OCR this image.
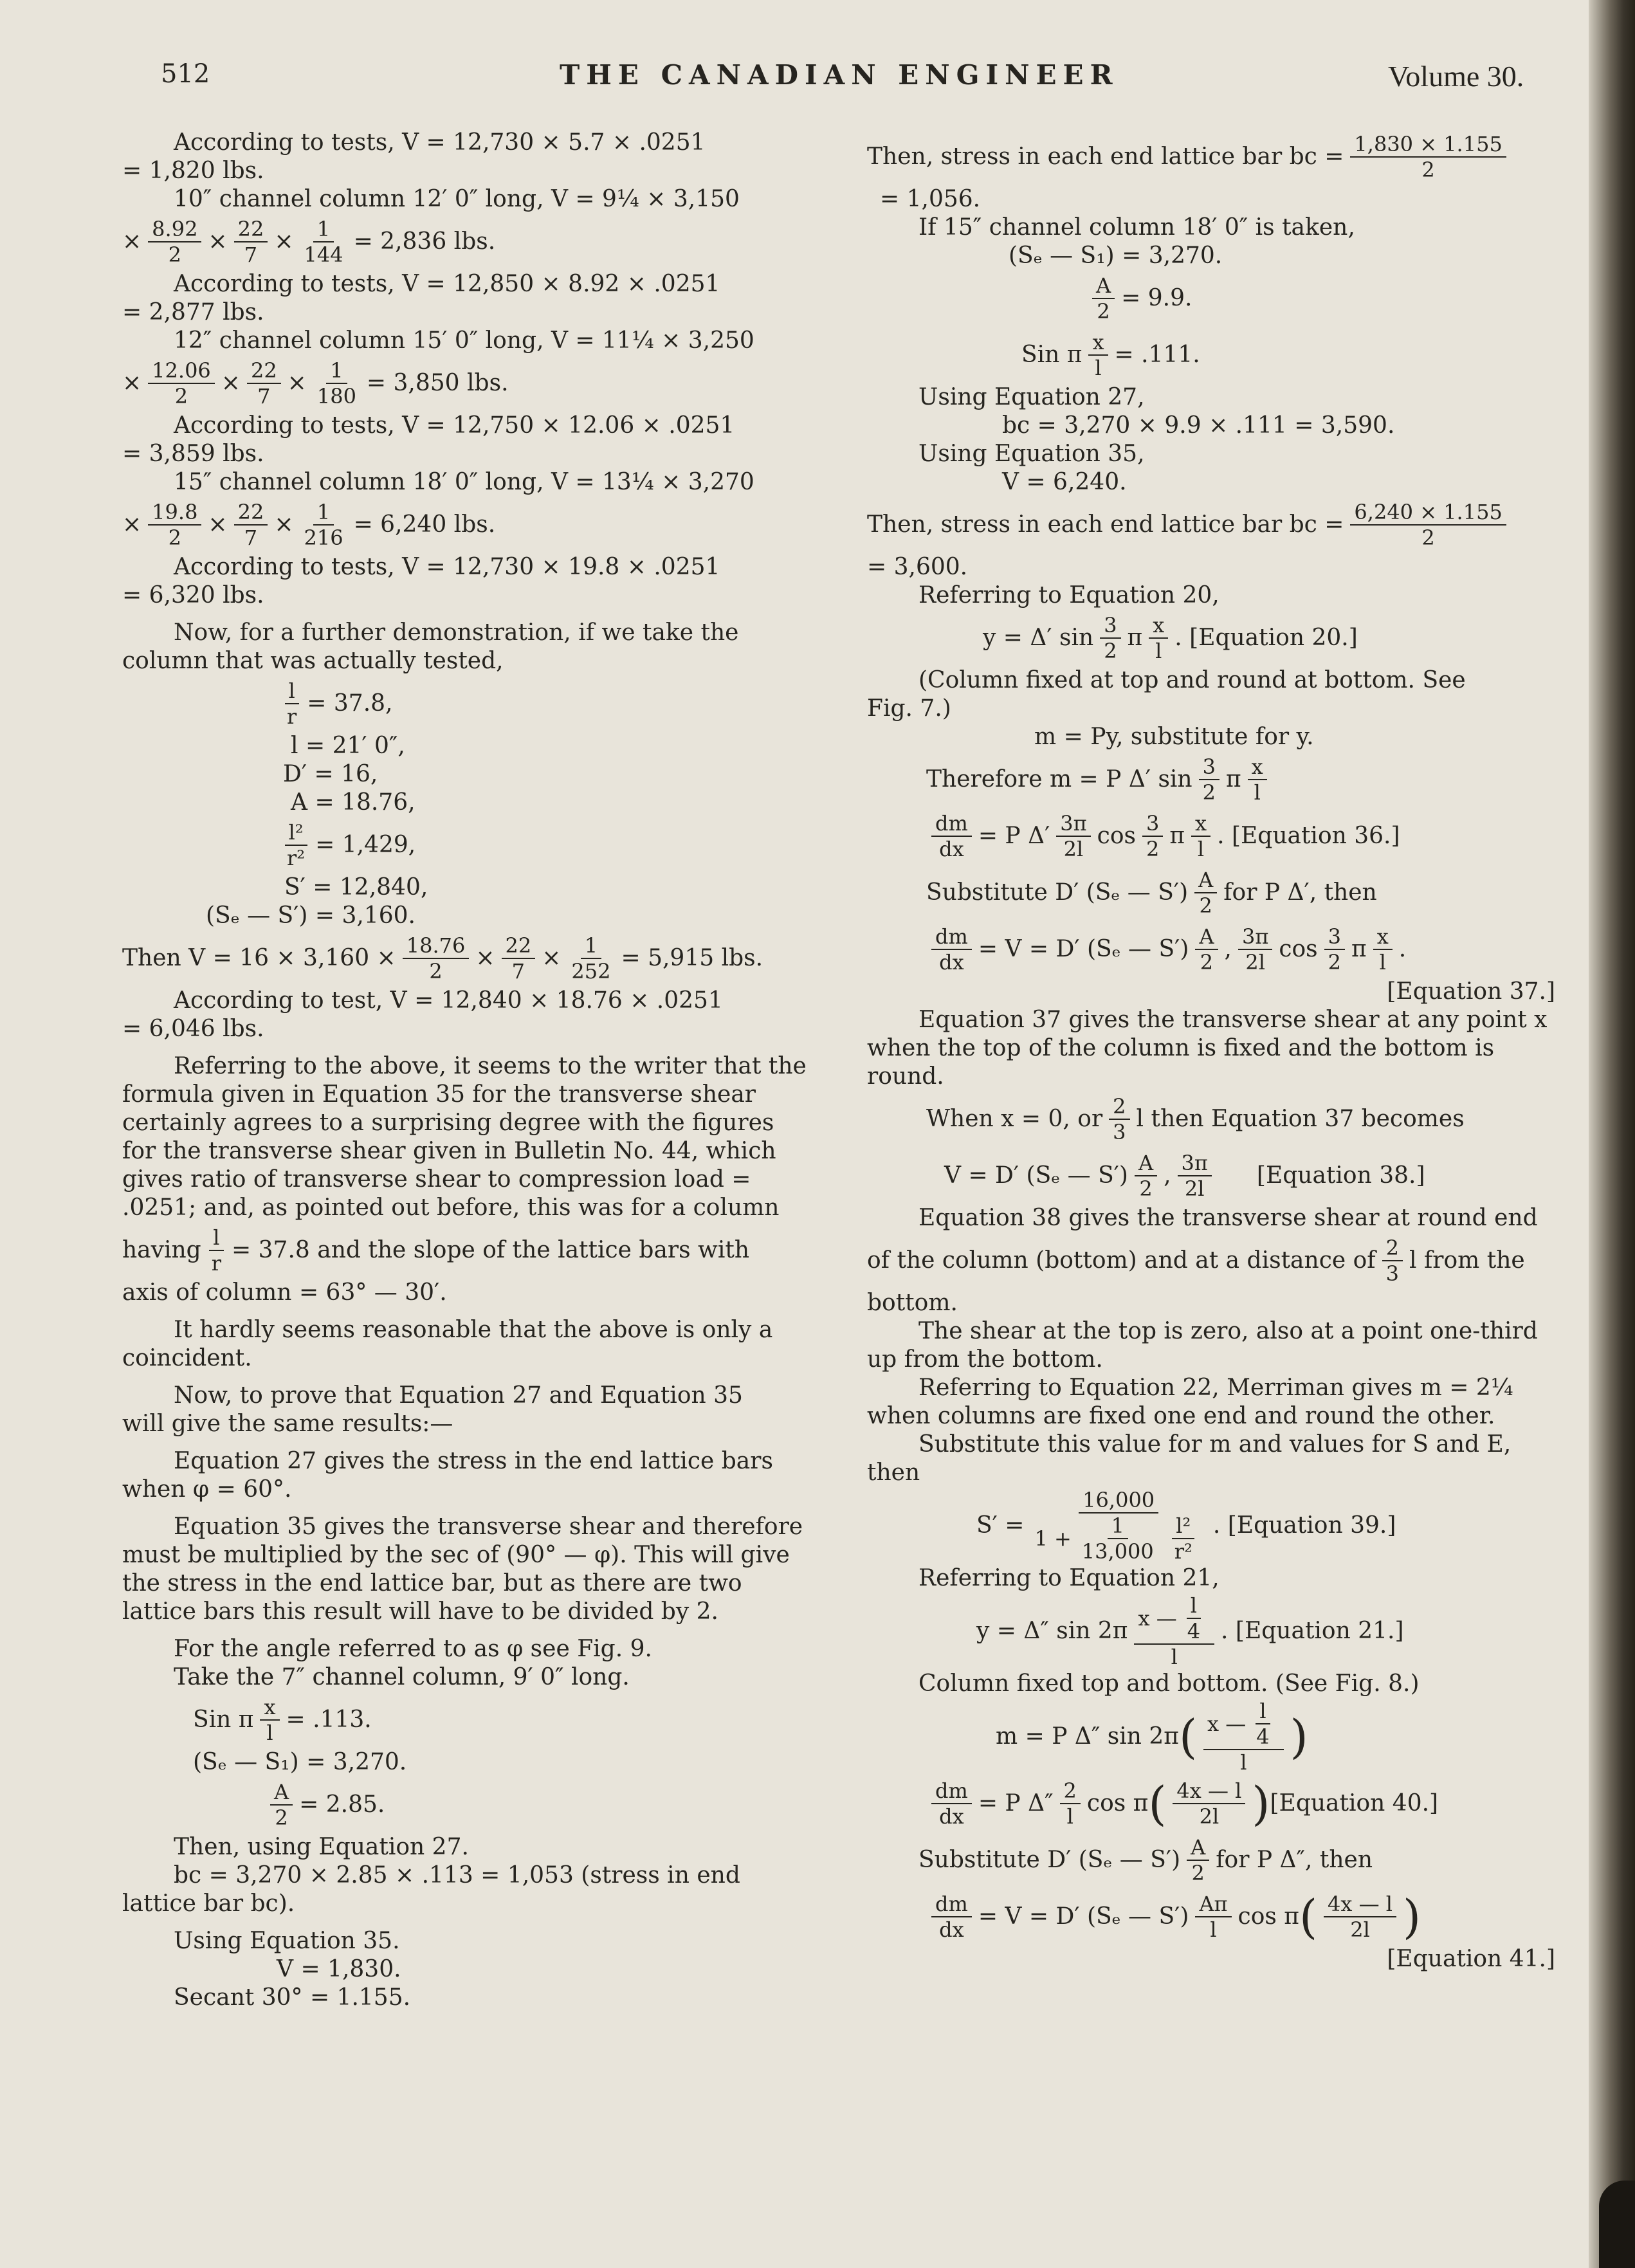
512	THE CANADIAN ENGINEER	Volume 30.
According to tests, V = 12,730 × 5.7 × .0251
= 1,820 lbs.
10″ channel column 12′ 0″ long, V = 9¼ × 3,150
× $\frac{8.92}{2} \times \frac{22}{7} \times \frac{1}{144} = 2,836$ lbs.
According to tests, V = 12,850 × 8.92 × .0251
= 2,877 lbs.
12″ channel column 15′ 0″ long, V = 11¼ × 3,250
× $\frac{12.06}{2} \times \frac{22}{7} \times \frac{1}{180} = 3,850$ lbs.
According to tests, V = 12,750 × 12.06 × .0251
= 3,859 lbs.
15″ channel column 18′ 0″ long, V = 13¼ × 3,270
× $\frac{19.8}{2} \times \frac{22}{7} \times \frac{1}{216} = 6,240$ lbs.
According to tests, V = 12,730 × 19.8 × .0251
= 6,320 lbs.
Now, for a further demonstration, if we take the
column that was actually tested,
$\frac{l}{r} = 37.8$,
l = 21′ 0″,
D′ = 16,
A = 18.76,
$\frac{\text{l²}}{\text{r²}} = 1,429$,
S′ = 12,840,
(Sₑ — S′) = 3,160.
Then $V = 16 \times 3,160 \times \frac{18.76}{2} \times \frac{22}{7} \times \frac{1}{252} = 5,915$ lbs.
According to test, V = 12,840 × 18.76 × .0251
= 6,046 lbs.
Referring to the above, it seems to the writer that the
formula given in Equation 35 for the transverse shear
certainly agrees to a surprising degree with the figures
for the transverse shear given in Bulletin No. 44, which
gives ratio of transverse shear to compression load =
.0251; and, as pointed out before, this was for a column
having $\frac{l}{r} = 37.8$ and the slope of the lattice bars with
axis of column = 63° — 30′.
It hardly seems reasonable that the above is only a
coincident.
Now, to prove that Equation 27 and Equation 35
will give the same results:—
Equation 27 gives the stress in the end lattice bars
when φ = 60°.
Equation 35 gives the transverse shear and therefore
must be multiplied by the sec of (90° — φ). This will give
the stress in the end lattice bar, but as there are two
lattice bars this result will have to be divided by 2.
For the angle referred to as φ see Fig. 9.
Take the 7″ channel column, 9′ 0″ long.
Sin π $\frac{x}{l} = .113$.
(Sₑ — S₁) = 3,270.
$\frac{A}{2} = 2.85$.
Then, using Equation 27.
bc = 3,270 × 2.85 × .113 = 1,053 (stress in end
lattice bar bc).
Using Equation 35.
V = 1,830.
Secant 30° = 1.155.
Then, stress in each end lattice bar bc = $\frac{1,830 \times 1.155}{2}$
= 1,056.
If 15″ channel column 18′ 0″ is taken,
(Sₑ — S₁) = 3,270.
$\frac{A}{2} = 9.9$.
Sin π $\frac{x}{l} = .111$.
Using Equation 27,
bc = 3,270 × 9.9 × .111 = 3,590.
Using Equation 35,
V = 6,240.
Then, stress in each end lattice bar bc = $\frac{6,240 \times 1.155}{2}$
= 3,600.
Referring to Equation 20,
y = Δ′ $\sin \frac{3}{2}$ π $\frac{x}{l}$ . [Equation 20.]
(Column fixed at top and round at bottom. See
Fig. 7.)
m = Py, substitute for y.
Therefore m = P Δ′ $\sin \frac{3}{2}$ π $\frac{x}{l}$
$\frac{dm}{dx} = P$ $\Delta' \frac{3\pi}{2l}$ $\cos \frac{3}{2}$ π $\frac{x}{l}$ . [Equation 36.]
Substitute D′ (Sₑ — $S') \frac{A}{2}$ for P Δ′, then
$\frac{dm}{dx} = V = D'$ (Sₑ — $S') \frac{A}{2}$ , $\frac{3\pi}{2l}$ $\cos \frac{3}{2}$ π $\frac{x}{l}$ .
[Equation 37.]
Equation 37 gives the transverse shear at any point x
when the top of the column is fixed and the bottom is
round.
When x = 0, or $\frac{2}{3}$ l then Equation 37 becomes
V = D′ (Sₑ — $S') \frac{A}{2}$ , $\frac{3\pi}{2l}$ [Equation 38.]
Equation 38 gives the transverse shear at round end
of the column (bottom) and at a distance of $\frac{2}{3}$ l from the
bottom.
The shear at the top is zero, also at a point one-third
up from the bottom.
Referring to Equation 22, Merriman gives m = 2¼
when columns are fixed one end and round the other.
Substitute this value for m and values for S and E,
then
$S' = \frac{16,000}{1 + \frac{1}{13,000} \frac{\text{l²}}{\text{r²}}}$ . [Equation 39.]
Referring to Equation 21,
y = Δ″ $\sin 2\pi \frac{x — \frac{l}{4}}{l}$ . [Equation 21.]
Column fixed top and bottom. (See Fig. 8.)
m = P Δ″ sin 2π ( $\frac{x — \frac{l}{4}}{l}$ )
$\frac{dm}{dx} = P$ $\Delta'' \frac{2}{l}$ cos π ( $\frac{4x — l}{2l}$ ) [Equation 40.]
Substitute D′ (Sₑ — $S') \frac{A}{2}$ for P Δ″, then
$\frac{dm}{dx} = V = D'$ (Sₑ — $S') \frac{A\pi}{l}$ cos π ( $\frac{4x — l}{2l}$ )
[Equation 41.]
